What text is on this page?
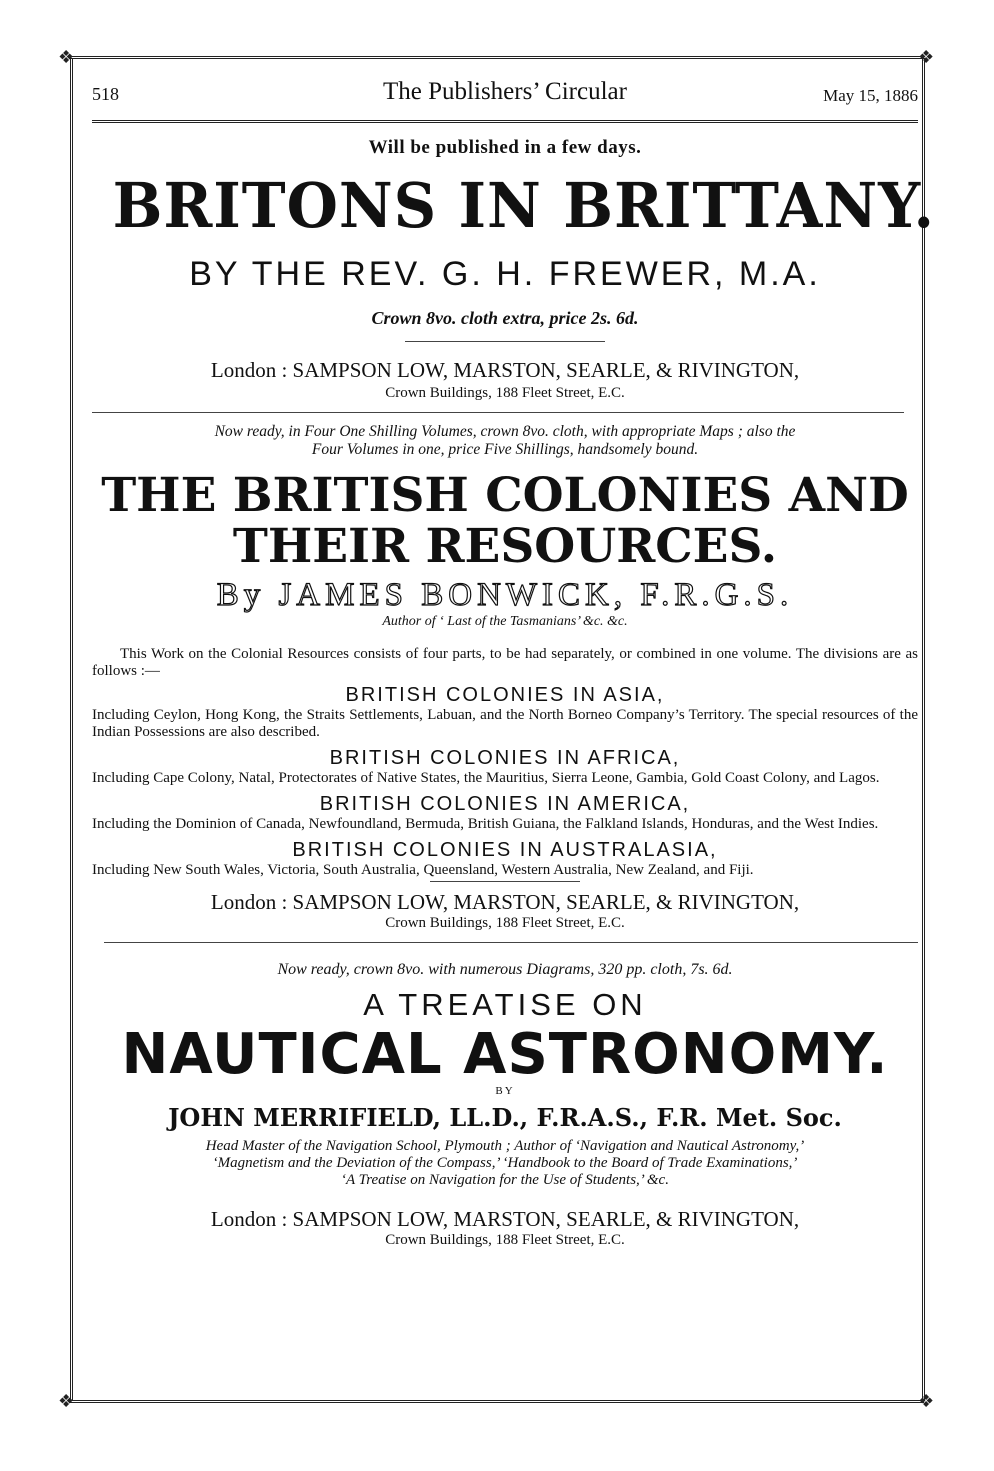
❖	❖
❖	❖
518	The Publishers’ Circular	May 15, 1886
Will be published in a few days.
BRITONS IN BRITTANY.
BY THE REV. G. H. FREWER, M.A.
Crown 8vo. cloth extra, price 2s. 6d.
London : SAMPSON LOW, MARSTON, SEARLE, & RIVINGTON,
Crown Buildings, 188 Fleet Street, E.C.
Now ready, in Four One Shilling Volumes, crown 8vo. cloth, with appropriate Maps ; also the
Four Volumes in one, price Five Shillings, handsomely bound.
THE BRITISH COLONIES AND
THEIR RESOURCES.
By JAMES BONWICK, F.R.G.S.
Author of ‘ Last of the Tasmanians’ &c. &c.
This Work on the Colonial Resources consists of four parts, to be had separately, or combined in one volume. The divisions are as follows :—
BRITISH COLONIES IN ASIA,
Including Ceylon, Hong Kong, the Straits Settlements, Labuan, and the North Borneo Company’s Territory. The special resources of the Indian Possessions are also described.
BRITISH COLONIES IN AFRICA,
Including Cape Colony, Natal, Protectorates of Native States, the Mauritius, Sierra Leone, Gambia, Gold Coast Colony, and Lagos.
BRITISH COLONIES IN AMERICA,
Including the Dominion of Canada, Newfoundland, Bermuda, British Guiana, the Falkland Islands, Honduras, and the West Indies.
BRITISH COLONIES IN AUSTRALASIA,
Including New South Wales, Victoria, South Australia, Queensland, Western Australia, New Zealand, and Fiji.
London : SAMPSON LOW, MARSTON, SEARLE, & RIVINGTON,
Crown Buildings, 188 Fleet Street, E.C.
Now ready, crown 8vo. with numerous Diagrams, 320 pp. cloth, 7s. 6d.
A TREATISE ON
NAUTICAL ASTRONOMY.
BY
JOHN MERRIFIELD, LL.D., F.R.A.S., F.R. Met. Soc.
Head Master of the Navigation School, Plymouth ; Author of ‘Navigation and Nautical Astronomy,’
‘Magnetism and the Deviation of the Compass,’ ‘Handbook to the Board of Trade Examinations,’
‘A Treatise on Navigation for the Use of Students,’ &c.
London : SAMPSON LOW, MARSTON, SEARLE, & RIVINGTON,
Crown Buildings, 188 Fleet Street, E.C.
